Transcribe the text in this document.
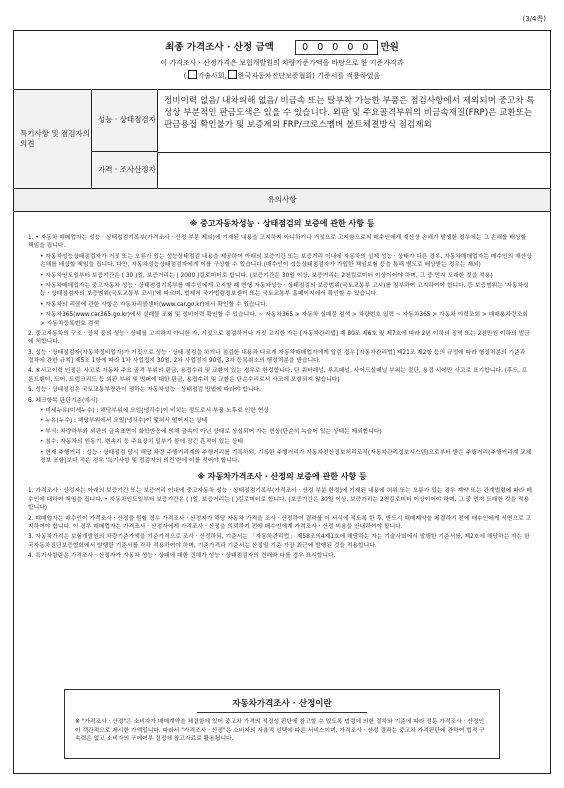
(3/4쪽)
최종 가격조사 · 산정 금액	0 0 0 0 0 만원
이 가격조사 · 산정가격은 보험개발원의 차량기준가액을 바탕으로 한 기준가격과
( 기술사회, 한국자동차진단보증협회) 기준서를 적용하였음
특기사항 및 점검자의 의견
성능 · 상태점검자
가격 · 조사산정자
정비이력 없음/ 내차피해 없음/ 비금속 또는 탈부착 가능한 부품은 점검사항에서 제외되며 중고차 특성상 부분적인 판금도색은 있을 수 있습니다. 외판 및 주요골격부위의 비금속재질(FRP)은 교환또는 판금용접 확인불가 및 보증제외 FRP/크로스멤버 볼트체결방식 점검제외
유의사항
※ 중고자동차성능 · 상태점검의 보증에 관한 사항 등
1. • 자동차 매매업자는 성능 · 상태점검기록부(가격조사 · 산정 부분 제외)에 기재된 내용을 고지하지 아니하거나 거짓으로 고지함으로써 매수인에게 재산상 손해가 발생한 경우에는 그 손해를 배상할 책임을 집니다.
• 자동차성능상태점검자가 거짓 또는 오류가 있는 성능상태점검 내용을 제공하여 아래의 보증기간 또는 보증거리 이내에 자동차의 실제 성능 · 상태가 다른 경우, 자동차매매업자는 매수인의 재산상 손해를 배상할 책임을 집니다. 다만, 자동차성능상태점검자에게 이를 구상할 수 있습니다.(매수인이 성능상태점검자가 가입한 책임보험 등을 통해 별도로 배상받는 경우는 제외)
• 자동차인도일부터 보증기간은 ( 30 )일, 보증거리는 ( 2000 )킬로미터로 합니다. (보증기간은 30일 이상, 보증거리는 2천킬로미터 이상이어야 하며, 그 중 먼저 도래한 것을 적용)
• 자동차매매업자는 중고자동차 성능 · 상태점검기록부를 매수인에게 고지할 때 현행 자동차성능 · 상태점검의 보증범위(국토교통부 고시)를 첨부하여 고지하여야 합니다. 등 보증범위는 '자동차성능 · 상태점검자의 보증범위(국토교통부 고시)'에 따르며, 법제처 국가법령정보센터 또는 국토교통부 홈페이지에서 확인할 수 있습니다.
• 자동차의 리콜에 관한 사항은 자동차리콜센터(www.car.go.kr)에서 확인할 수 있습니다.
• 자동차365(www.car365.go.kr)에서 실매물 조회 및 정비이력 확인할 수 있습니다. ~ 자동차365 > 자동차 실매물 검색 > 차량번호 입력 ~ 자동차365 > 자동차 이력조회 > 매매용차량조회 > 자동차등록번호 검색
2. 중고자동차의 구조 · 장치 등의 성능 · 상태를 고지하지 아니한 자, 거짓으로 점검하거나 거짓 고지한 자는 [자동차관리법] 제 80조 제6호 및 제7호에 따라 2년 이하의 징역 또는 2천만원 이하의 벌금에 처합니다.
3. 성능 · 상태점검자(자동차정비업자)가 거짓으로 성능 · 상태 점검을 하거나 점검한 내용과 다르게 자동차매매업자에게 알린 경우 [자동차관리법] 제21조 제2항 등의 규정에 따라 행정처분의 기준과 절차에 관한 규칙] 제5조 1항에 따라 1차 사업정지 30일, 2차 사업정지 90일, 3차 등록취소의 행정처분을 받습니다.
4. ⑥시고이력 인정은 사고로 자동차 주요 골격 부위의 판금, 용접수리 및 교환이 있는 경우로 한정합니다. 단 쿼터패널, 루프패널, 사이드실패널 부위는 절단, 용접 시에만 사고로 표기합니다. (후드, 프론트펜더, 도어, 트렁크리드 등 외판 부위 및 범퍼에 대한 판금, 용접수리 및 교환은 단순수리로서 사고에 포함되지 않습니다)
5. 성능 · 상태점검은 국토교통부장관이 정하는 자동차성능 · 상태점검 방법에 따라야 합니다.
6. 체크항목 판단기준(예시)
• 미세누유(미세누수) : 해당부위에 오일(냉각수)이 비치는 정도로서 부품 노후로 인한 현상
• 누유(누수) : 해당부위에서 오일(냉각수)이 맺혀서 떨어지는 상태
• 부식: 차량하부와 외판의 금속표면이 화학반응에 의해 금속이 아닌 상태로 상실되어 가는 현상(단순히 녹슬어 있는 상태는 제외합니다)
• 침수: 자동차의 원동기, 변속기 등 주요장치 일부가 물에 잠긴 흔적이 있는 상태
• 현재 주행거리 : 성능 · 상태점검 당시 해당 차량 주행거리계의 주행거리를 기록하되, 기록한 주행거리가 자동차전산정보처리조직(자동차관리정보시스템)으로부터 받은 주행거리(주행거리계 교체 정보 포함)보다 적은 경우 '특기사항 및 점검자의 의견'란에 이를 적어야 합니다.
※ 자동차가격조사 · 산정의 보증에 관한 사항 등
1. 가격조사 · 산정자는 아래의 보증기간 또는 보증거리 이내에 중고자동차 성능 · 상태점검기록부(가격조사 · 산정 부분 한정)에 기재된 내용에 허위 또는 오류가 있는 경우 계약 또는 관계법령에 따라 매수인에 대하여 책임을 집니다. • 자동차인도일부터 보증기간은 ( )일, 보증거리는 ( )킬로미터로 합니다. (보증기간은 30일 이상, 보증거리는 2천킬로미터 이상이어야 하며, 그 중 먼저 도래한 것을 적용합니다)
2. 매매업자는 매수인이 가격조사 · 산정을 원할 경우 가격조사 · 산정자가 해당 자동차 가격을 조사 · 산정하여 결과를 이 서식에 적도록 한 후, 반드시 매매계약을 체결하기 전에 매수인에게 서면으로 고지하여야 합니다. 이 경우 매매업자는 가격조사 · 산정자에게 가격조사 · 산정을 의뢰하기 전에 매수인에게 가격조사 · 산정 비용을 안내하여야 합니다.
3. 자동차가격은 보험개발원의 차량기준가액을 기준가격으로 조사 · 산정하되, 기준서는 「자동차관리법」 제58조의4제1호에 해당하는 자는 기술사회에서 발행한 기준서를, 제2호에 해당하는 자는 한국자동차진단보증협회에서 발행한 기준서를 각각 적용하여야 하며, 기준가격과 기준서는 산정일 기준 가장 최근에 발행된 것을 적용합니다.
4. 특기사항란은 가격조사 · 산정자가 자동차 성능 · 상태에 대한 견해가 성능 · 상태점검자의 견해와 다를 경우 표시합니다.
자동차가격조사 · 산정이란
※ "가격조사 · 산정"은 소비자가 매매계약을 체결함에 있어 중고차 가격의 적정성 판단에 참고할 수 있도록 법령에 의한 절차와 기준에 따라 전문 가격조사 · 산정인이 객관적으로 제시한 가액입니다. 따라서 "가격조사 · 산정"은 소비자의 자율적 선택에 따른 서비스이며, 가격조사 · 산정 결과는 중고차 가격판단에 관하여 법적 구속력은 없고 소비자의 구매여부 결정에 참고자료로 활용됩니다.
